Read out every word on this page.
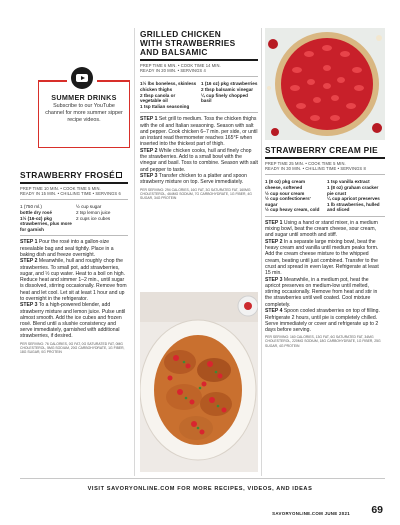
SUMMER DRINKS
Subscribe to our YouTube channel for more summer sipper recipe videos.
STRAWBERRY FROSÉ
PREP TIME 10 MIN. • COOK TIME 5 MIN.
READY IN 15 MIN. • CHILLING TIME • SERVINGS 6
1 (750 ml.)
bottle dry rosé
1½ (16-oz) pkg strawberries, plus more for garnish
½ cup sugar
2 tsp lemon juice
2 cups ice cubes

STEP 1 Pour the rosé into a gallon-size resealable bag and seal tightly. Place in a baking dish and freeze overnight.

STEP 2 Meanwhile, hull and roughly chop the strawberries. To small pot, add strawberries, sugar, and ½ cup water. Heat to a boil on high. Reduce heat and simmer 1–2 min., until sugar is dissolved, stirring occasionally. Remove from heat and let cool. Let sit at least 1 hour and up to overnight in the refrigerator.

STEP 3 To a high-powered blender, add strawberry mixture and lemon juice. Pulse until almost smooth. Add the ice cubes and frozen rosé. Blend until a slushie consistency and serve immediately, garnished with additional strawberries, if desired.

PER SERVING: 76 CALORIES, 0G FAT, 0G SATURATED FAT, 0MG CHOLESTEROL, 5MG SODIUM, 20G CARBOHYDRATE, 1G FIBER, 18G SUGAR, 0G PROTEIN
GRILLED CHICKEN
WITH STRAWBERRIES
AND BALSAMIC
PREP TIME 6 MIN. • COOK TIME 14 MIN.
READY IN 20 MIN. • SERVINGS 4
1½ lbs boneless, skinless chicken thighs
2 tbsp canola or vegetable oil
1 tsp Italian seasoning
1 (16 oz) pkg strawberries
2 tbsp balsamic vinegar
¼ cup finely chopped basil

STEP 1 Set grill to medium. Toss the chicken thighs with the oil and Italian seasoning. Season with salt and pepper. Cook chicken 6–7 min. per side, or until an instant read thermometer reaches 165°F when inserted into the thickest part of thigh.

STEP 2 While chicken cooks, hull and finely chop the strawberries. Add to a small bowl with the vinegar and basil. Toss to combine. Season with salt and pepper to taste.

STEP 3 Transfer chicken to a platter and spoon strawberry mixture on top. Serve immediately.

PER SERVING: 294 CALORIES, 16G FAT, 3G SATURATED FAT, 160MG CHOLESTEROL, 464MG SODIUM, 7G CARBOHYDRATE, 1G FIBER, 4G SUGAR, 34G PROTEIN
STRAWBERRY CREAM PIE
PREP TIME 25 MIN. • COOK TIME 5 MIN.
READY IN 30 MIN. • CHILLING TIME • SERVINGS 8
1 (8 oz) pkg cream cheese, softened
½ cup sour cream
½ cup confectioners' sugar
½ cup heavy cream, cold
1 tsp vanilla extract
1 (8 oz) graham cracker pie crust
¼ cup apricot preserves
1 lb strawberries, hulled and sliced

STEP 1 Using a hand or stand mixer, in a medium mixing bowl, beat the cream cheese, sour cream, and sugar until smooth and stiff.

STEP 2 In a separate large mixing bowl, beat the heavy cream and vanilla until medium peaks form. Add the cream cheese mixture to the whipped cream, beating until just combined. Transfer to the crust and spread in even layer. Refrigerate at least 15 min.

STEP 3 Meanwhile, in a medium pot, heat the apricot preserves on medium-low until melted, stirring occasionally. Remove from heat and stir in the strawberries until well coated. Cool mixture completely.

STEP 4 Spoon cooled strawberries on top of filling. Refrigerate 2 hours, until pie is completely chilled. Serve immediately or cover and refrigerate up to 2 days before serving.

PER SERVING: 160 CALORIES, 13G FAT, 6G SATURATED FAT, 34MG CHOLESTEROL, 220MG SODIUM, 18G CARBOHYDRATE, 1G FIBER, 25G SUGAR, 4G PROTEIN
VISIT SAVORYONLINE.COM FOR MORE RECIPES, VIDEOS, AND IDEAS
SAVORYONLINE.COM JUNE 2021 69
